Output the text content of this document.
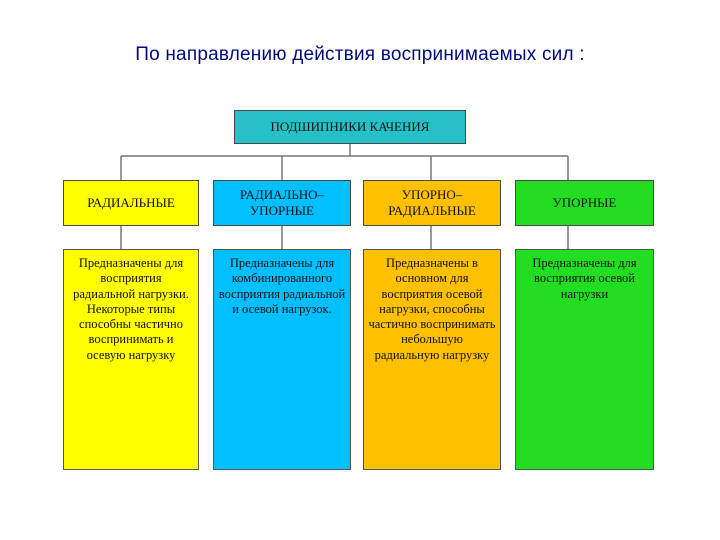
По направлению действия воспринимаемых сил :
ПОДШИПНИКИ КАЧЕНИЯ
РАДИАЛЬНЫЕ
РАДИАЛЬНО–УПОРНЫЕ
УПОРНО–РАДИАЛЬНЫЕ
УПОРНЫЕ
Предназначены для восприятия радиальной нагрузки. Некоторые типы способны частично воспринимать и осевую нагрузку
Предназначены для комбинированного восприятия радиальной и осевой нагрузок.
Предназначены в основном для восприятия осевой нагрузки, способны частично воспринимать небольшую радиальную нагрузку
Предназначены для восприятия осевой нагрузки
